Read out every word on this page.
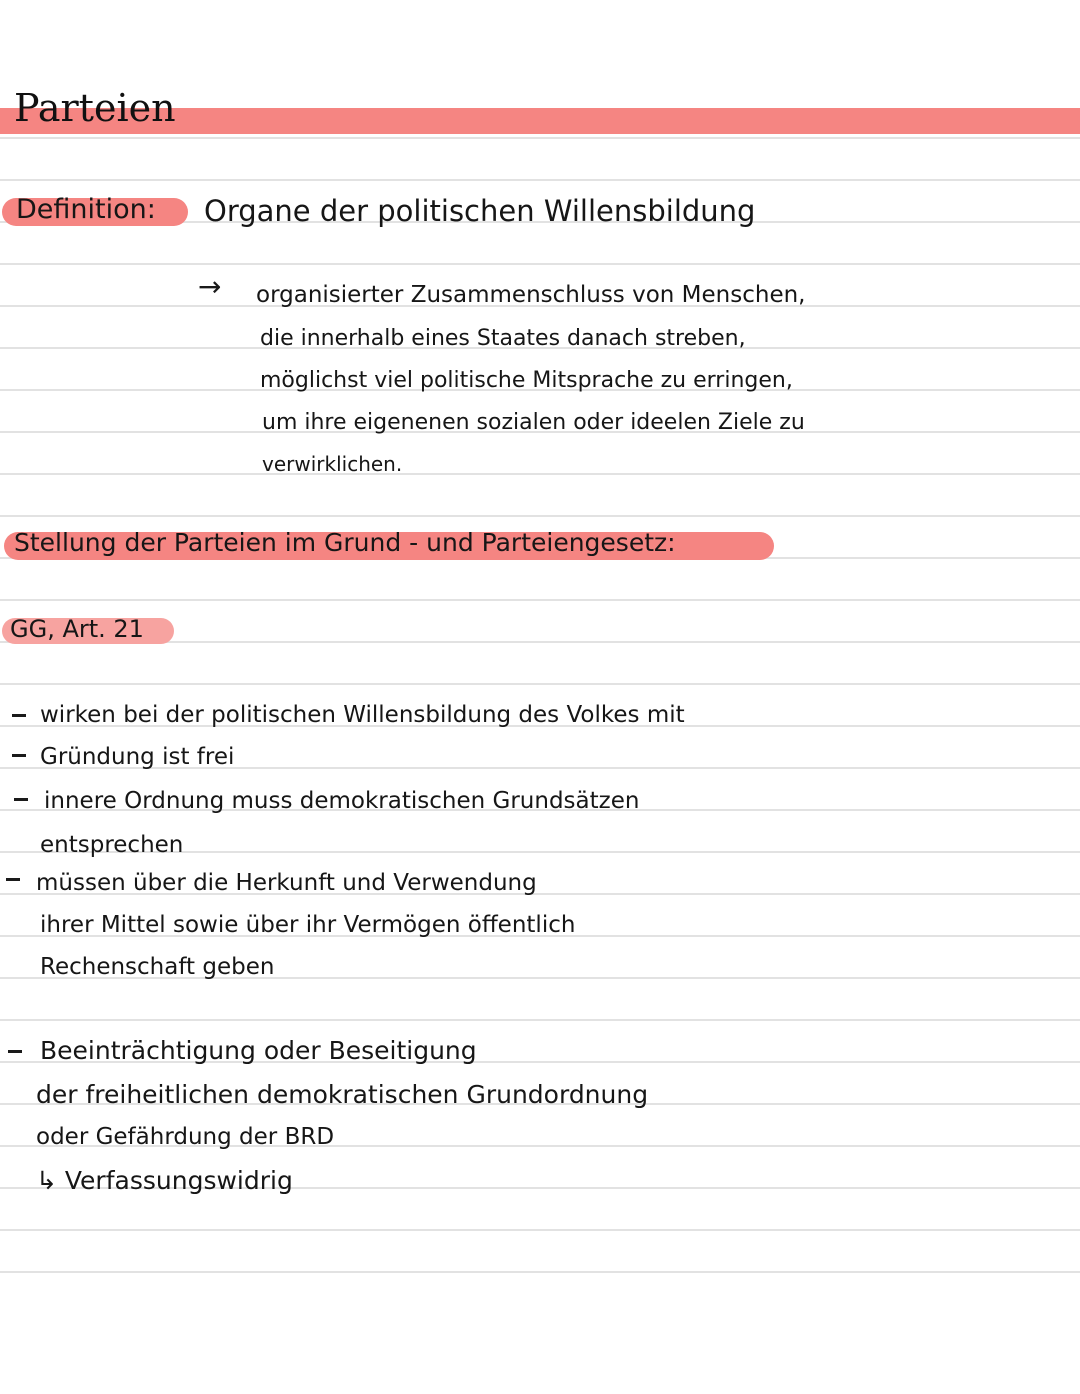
Parteien
Definition: Organe der politischen Willensbildung
→ organisierter Zusammenschluss von Menschen,
die innerhalb eines Staates danach streben,
möglichst viel politische Mitsprache zu erringen,
um ihre eigenenen sozialen oder ideelen Ziele zu
verwirklichen.
Stellung der Parteien im Grund - und Parteiengesetz:
GG, Art. 21
wirken bei der politischen Willensbildung des Volkes mit
Gründung ist frei
innere Ordnung muss demokratischen Grundsätzen
entsprechen
müssen über die Herkunft und Verwendung
ihrer Mittel sowie über ihr Vermögen öffentlich
Rechenschaft geben
Beeinträchtigung oder Beseitigung
der freiheitlichen demokratischen Grundordnung
oder Gefährdung der BRD
↳ Verfassungswidrig
